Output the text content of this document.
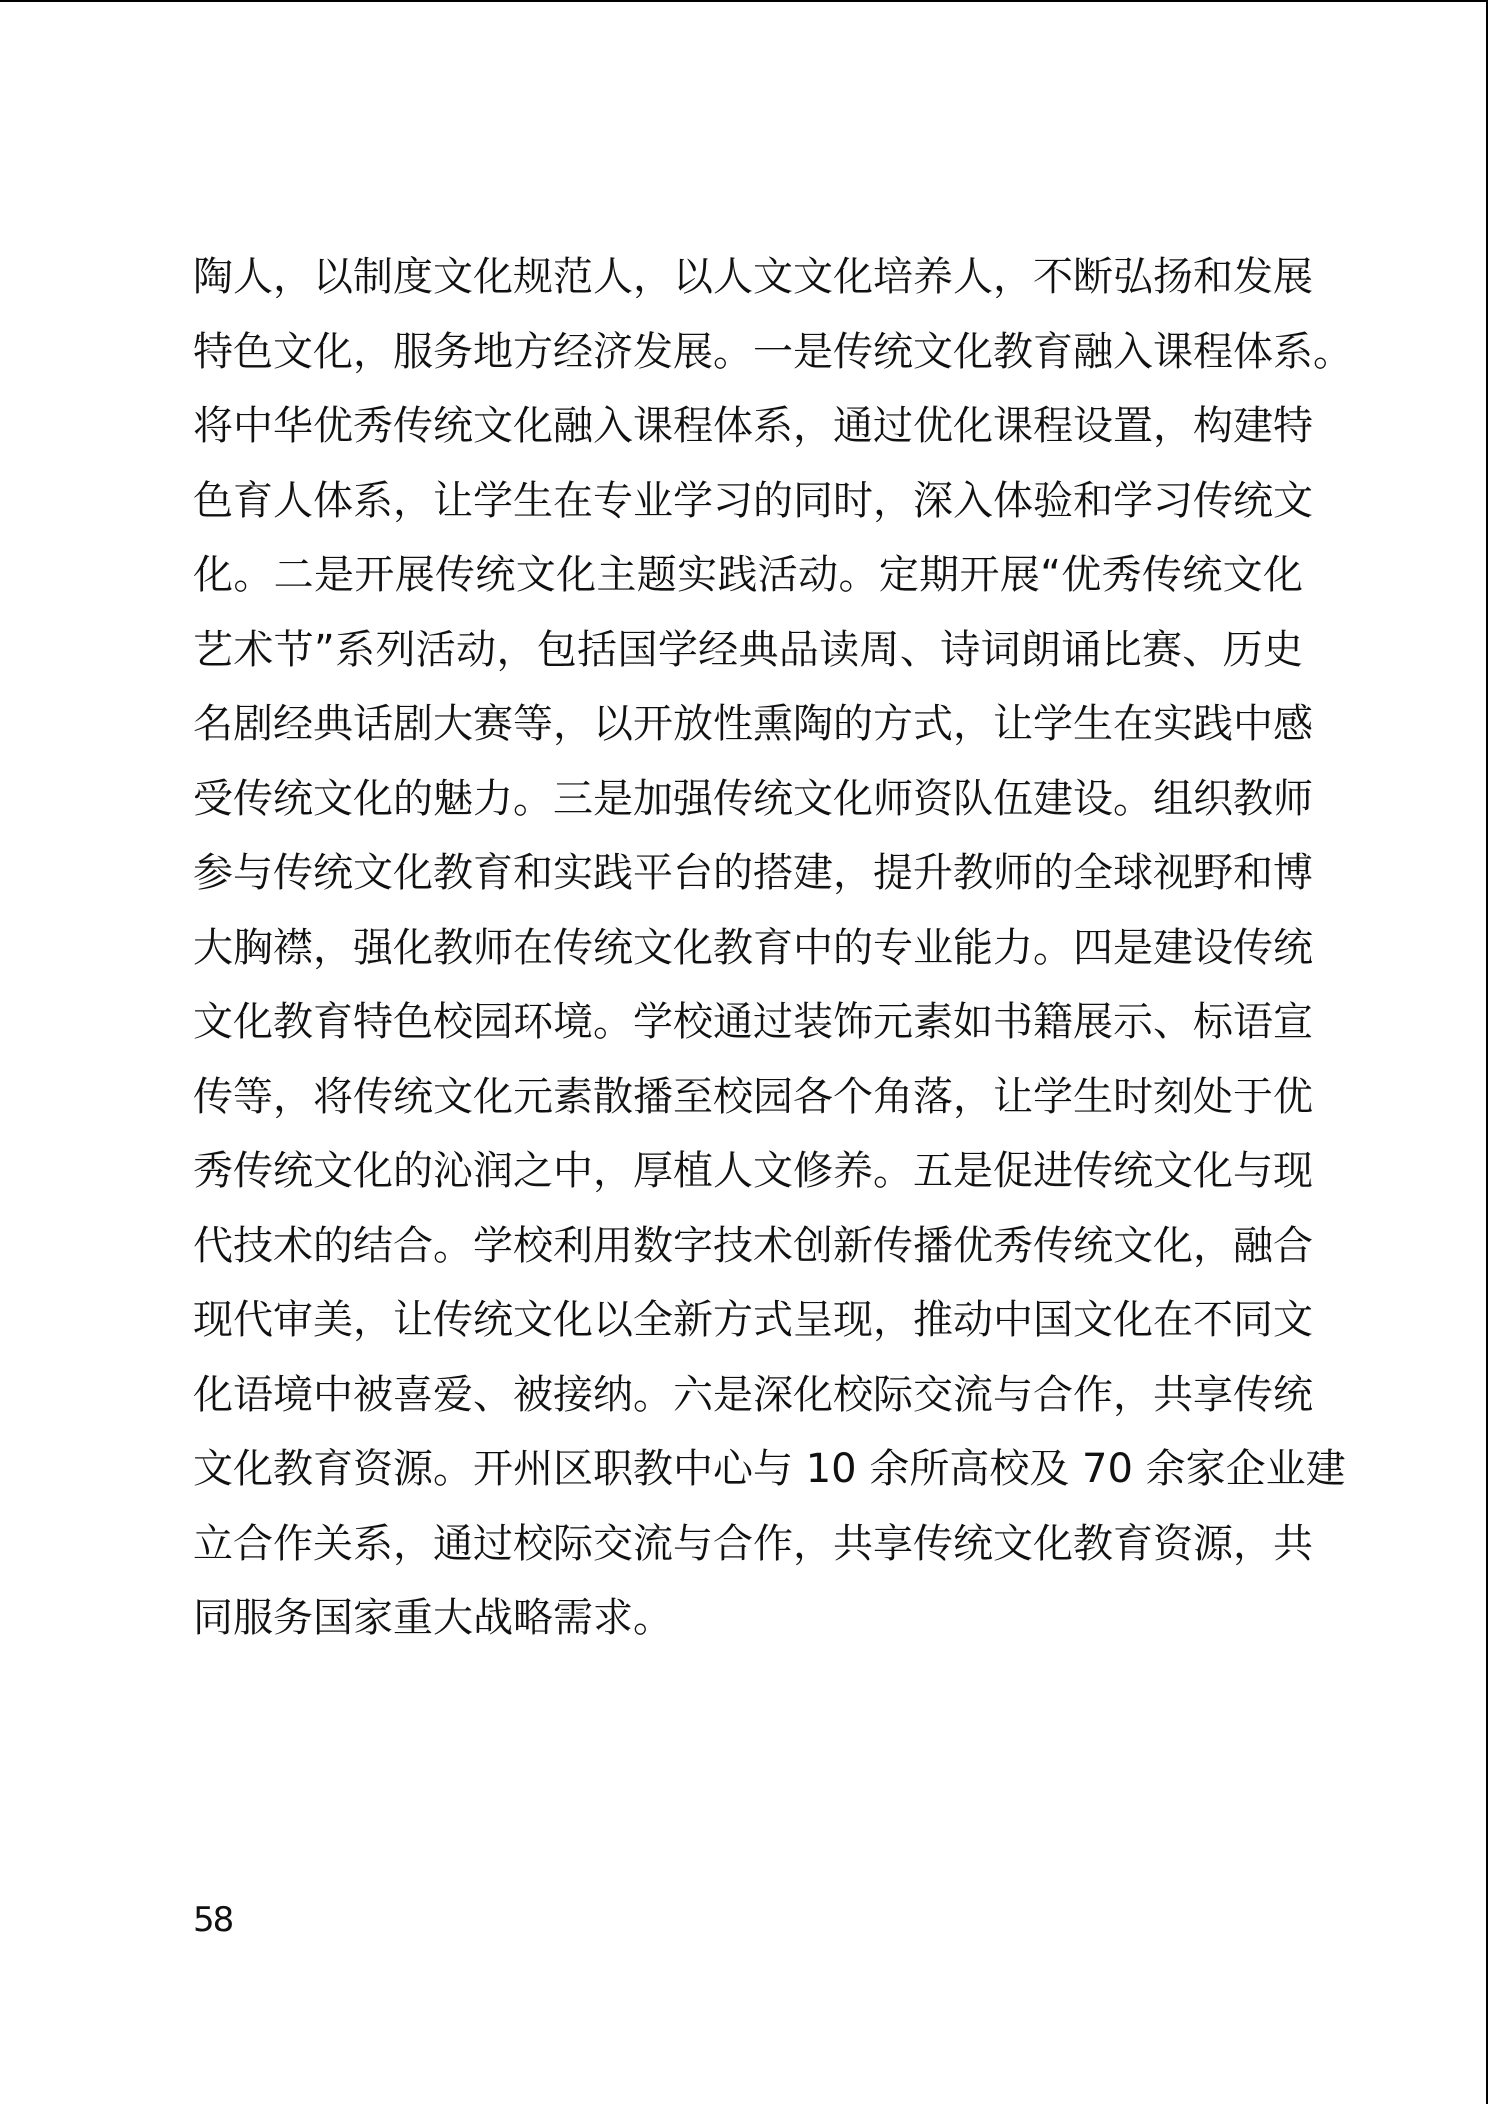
陶人，以制度文化规范人，以人文文化培养人，不断弘扬和发展
特色文化，服务地方经济发展。一是传统文化教育融入课程体系。
将中华优秀传统文化融入课程体系，通过优化课程设置，构建特
色育人体系，让学生在专业学习的同时，深入体验和学习传统文
化。二是开展传统文化主题实践活动。定期开展“优秀传统文化
艺术节”系列活动，包括国学经典品读周、诗词朗诵比赛、历史
名剧经典话剧大赛等，以开放性熏陶的方式，让学生在实践中感
受传统文化的魅力。三是加强传统文化师资队伍建设。组织教师
参与传统文化教育和实践平台的搭建，提升教师的全球视野和博
大胸襟，强化教师在传统文化教育中的专业能力。四是建设传统
文化教育特色校园环境。学校通过装饰元素如书籍展示、标语宣
传等，将传统文化元素散播至校园各个角落，让学生时刻处于优
秀传统文化的沁润之中，厚植人文修养。五是促进传统文化与现
代技术的结合。学校利用数字技术创新传播优秀传统文化，融合
现代审美，让传统文化以全新方式呈现，推动中国文化在不同文
化语境中被喜爱、被接纳。六是深化校际交流与合作，共享传统
文化教育资源。开州区职教中心与 10 余所高校及 70 余家企业建
立合作关系，通过校际交流与合作，共享传统文化教育资源，共
同服务国家重大战略需求。
58
